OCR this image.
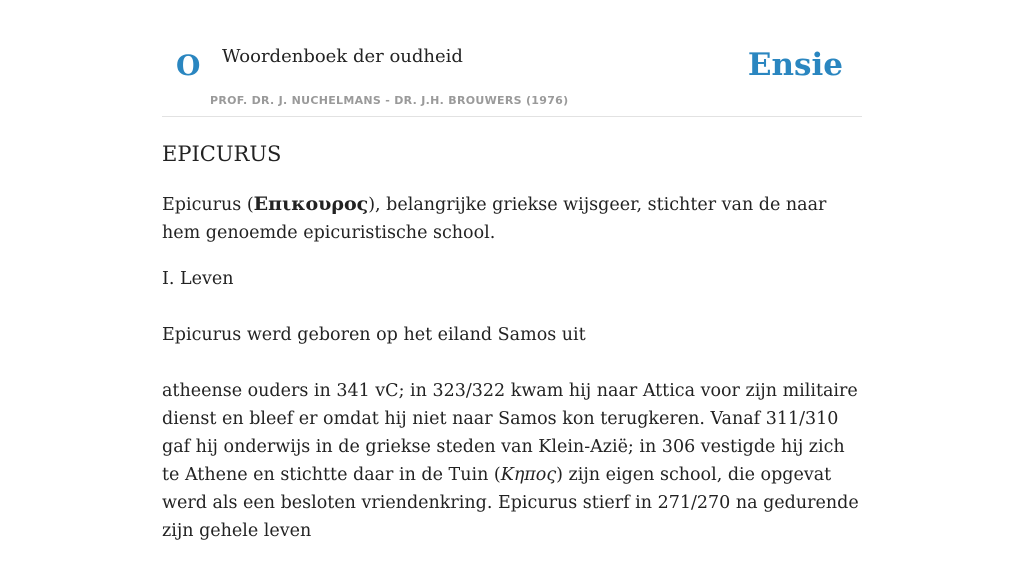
O Woordenboek der oudheid
PROF. DR. J. NUCHELMANS - DR. J.H. BROUWERS (1976)
Ensie
EPICURUS

Epicurus (Επικουρος), belangrijke griekse wijsgeer, stichter van de naar hem genoemde epicuristische school.

I. Leven

Epicurus werd geboren op het eiland Samos uit

atheense ouders in 341 vC; in 323/322 kwam hij naar Attica voor zijn militaire dienst en bleef er omdat hij niet naar Samos kon terugkeren. Vanaf 311/310 gaf hij onderwijs in de griekse steden van Klein-Azië; in 306 vestigde hij zich te Athene en stichtte daar in de Tuin (Κηπος) zijn eigen school, die opgevat werd als een besloten vriendenkring. Epicurus stierf in 271/270 na gedurende zijn gehele leven
